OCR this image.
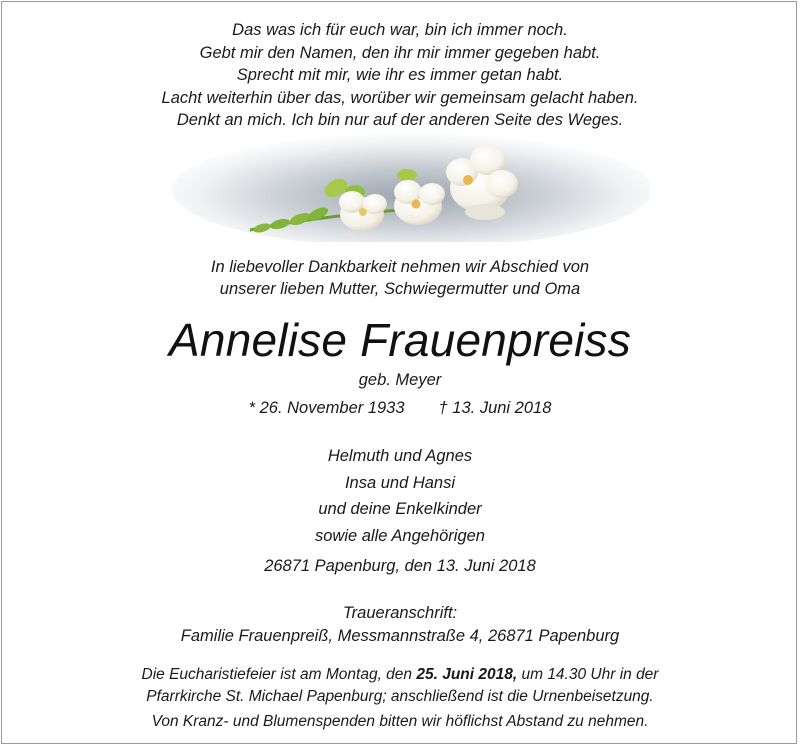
Das was ich für euch war, bin ich immer noch.
Gebt mir den Namen, den ihr mir immer gegeben habt.
Sprecht mit mir, wie ihr es immer getan habt.
Lacht weiterhin über das, worüber wir gemeinsam gelacht haben.
Denkt an mich. Ich bin nur auf der anderen Seite des Weges.
In liebevoller Dankbarkeit nehmen wir Abschied von
unserer lieben Mutter, Schwiegermutter und Oma
Annelise Frauenpreiss
geb. Meyer
* 26. November 1933 † 13. Juni 2018
Helmuth und Agnes
Insa und Hansi
und deine Enkelkinder
sowie alle Angehörigen
26871 Papenburg, den 13. Juni 2018
Traueranschrift:
Familie Frauenpreiß, Messmannstraße 4, 26871 Papenburg
Die Eucharistiefeier ist am Montag, den 25. Juni 2018, um 14.30 Uhr in der
Pfarrkirche St. Michael Papenburg; anschließend ist die Urnenbeisetzung.
Von Kranz- und Blumenspenden bitten wir höflichst Abstand zu nehmen.
